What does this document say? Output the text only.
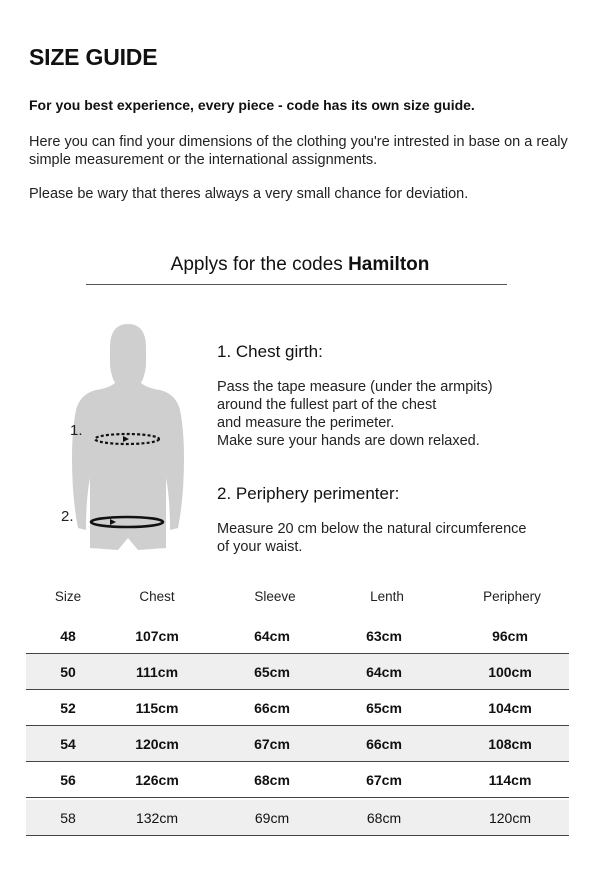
SIZE GUIDE
For you best experience, every piece - code has its own size guide.
Here you can find your dimensions of the clothing you're intrested in base on a realy simple measurement or the international assignments.
Please be wary that theres always a very small chance for deviation.
Applys for the codes Hamilton
1.
2.
1. Chest girth:
Pass the tape measure (under the armpits)
around the fullest part of the chest
and measure the perimeter.
Make sure your hands are down relaxed.
2. Periphery perimenter:
Measure 20 cm below the natural circumference
of your waist.
Size	Chest	Sleeve	Lenth	Periphery
48	107cm	64cm	63cm	96cm
50	111cm	65cm	64cm	100cm
52	115cm	66cm	65cm	104cm
54	120cm	67cm	66cm	108cm
56	126cm	68cm	67cm	114cm
58	132cm	69cm	68cm	120cm
